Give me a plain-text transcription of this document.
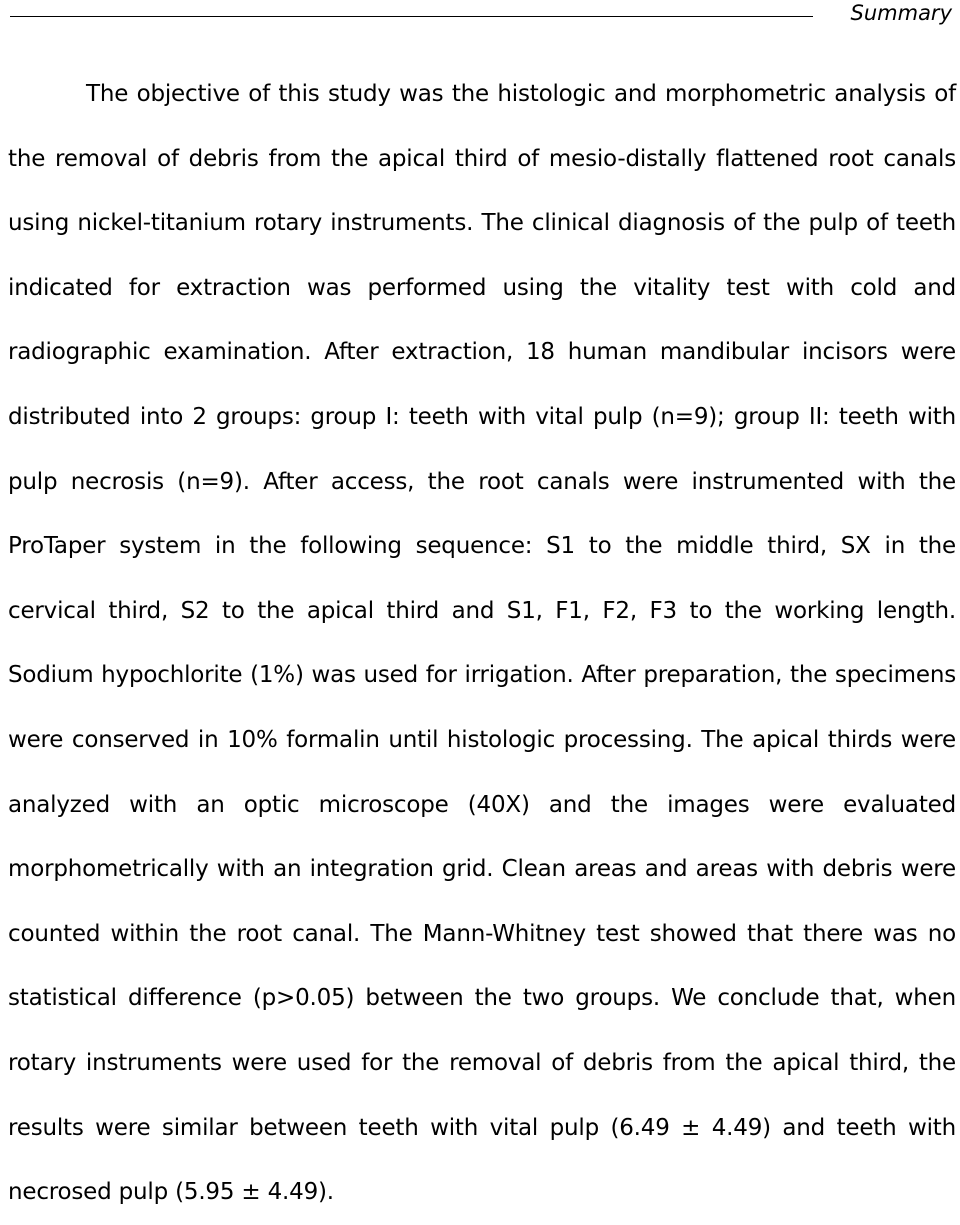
Summary

The objective of this study was the histologic and morphometric analysis of the removal of debris from the apical third of mesio-distally flattened root canals using nickel-titanium rotary instruments. The clinical diagnosis of the pulp of teeth indicated for extraction was performed using the vitality test with cold and radiographic examination. After extraction, 18 human mandibular incisors were distributed into 2 groups: group I: teeth with vital pulp (n=9); group II: teeth with pulp necrosis (n=9). After access, the root canals were instrumented with the ProTaper system in the following sequence: S1 to the middle third, SX in the cervical third, S2 to the apical third and S1, F1, F2, F3 to the working length. Sodium hypochlorite (1%) was used for irrigation. After preparation, the specimens were conserved in 10% formalin until histologic processing. The apical thirds were analyzed with an optic microscope (40X) and the images were evaluated morphometrically with an integration grid. Clean areas and areas with debris were counted within the root canal. The Mann-Whitney test showed that there was no statistical difference (p>0.05) between the two groups. We conclude that, when rotary instruments were used for the removal of debris from the apical third, the results were similar between teeth with vital pulp (6.49 ± 4.49) and teeth with necrosed pulp (5.95 ± 4.49).
